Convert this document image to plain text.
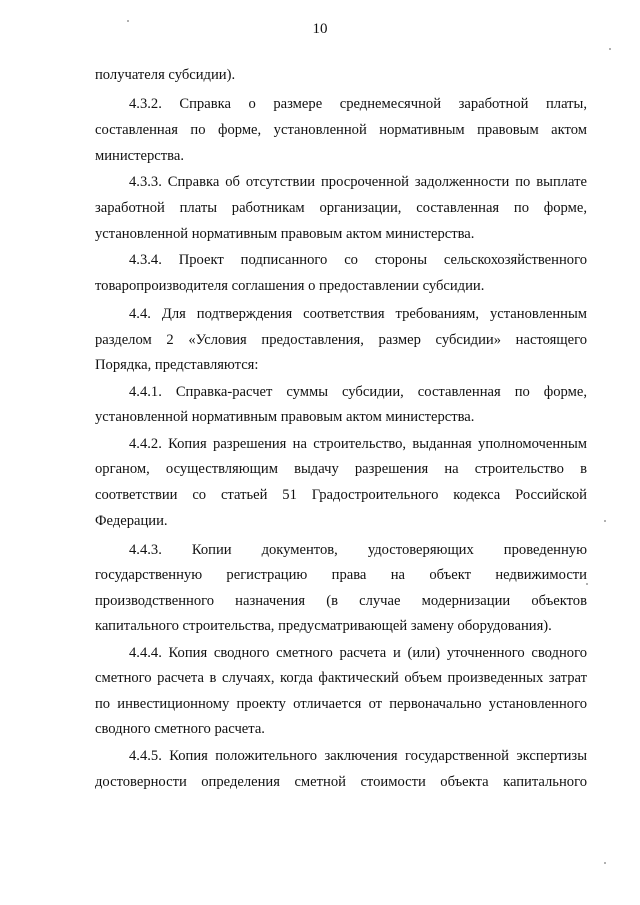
10
получателя субсидии).
4.3.2. Справка о размере среднемесячной заработной платы,
составленная по форме, установленной нормативным правовым актом
министерства.
4.3.3. Справка об отсутствии просроченной задолженности по выплате
заработной платы работникам организации, составленная по форме,
установленной нормативным правовым актом министерства.
4.3.4. Проект подписанного со стороны сельскохозяйственного
товаропроизводителя соглашения о предоставлении субсидии.
4.4. Для подтверждения соответствия требованиям, установленным
разделом 2 «Условия предоставления, размер субсидии» настоящего
Порядка, представляются:
4.4.1. Справка-расчет суммы субсидии, составленная по форме,
установленной нормативным правовым актом министерства.
4.4.2. Копия разрешения на строительство, выданная уполномоченным
органом, осуществляющим выдачу разрешения на строительство в
соответствии со статьей 51 Градостроительного кодекса Российской
Федерации.
4.4.3. Копии документов, удостоверяющих проведенную
государственную регистрацию права на объект недвижимости
производственного назначения (в случае модернизации объектов
капитального строительства, предусматривающей замену оборудования).
4.4.4. Копия сводного сметного расчета и (или) уточненного сводного
сметного расчета в случаях, когда фактический объем произведенных затрат
по инвестиционному проекту отличается от первоначально установленного
сводного сметного расчета.
4.4.5. Копия положительного заключения государственной экспертизы
достоверности определения сметной стоимости объекта капитального
